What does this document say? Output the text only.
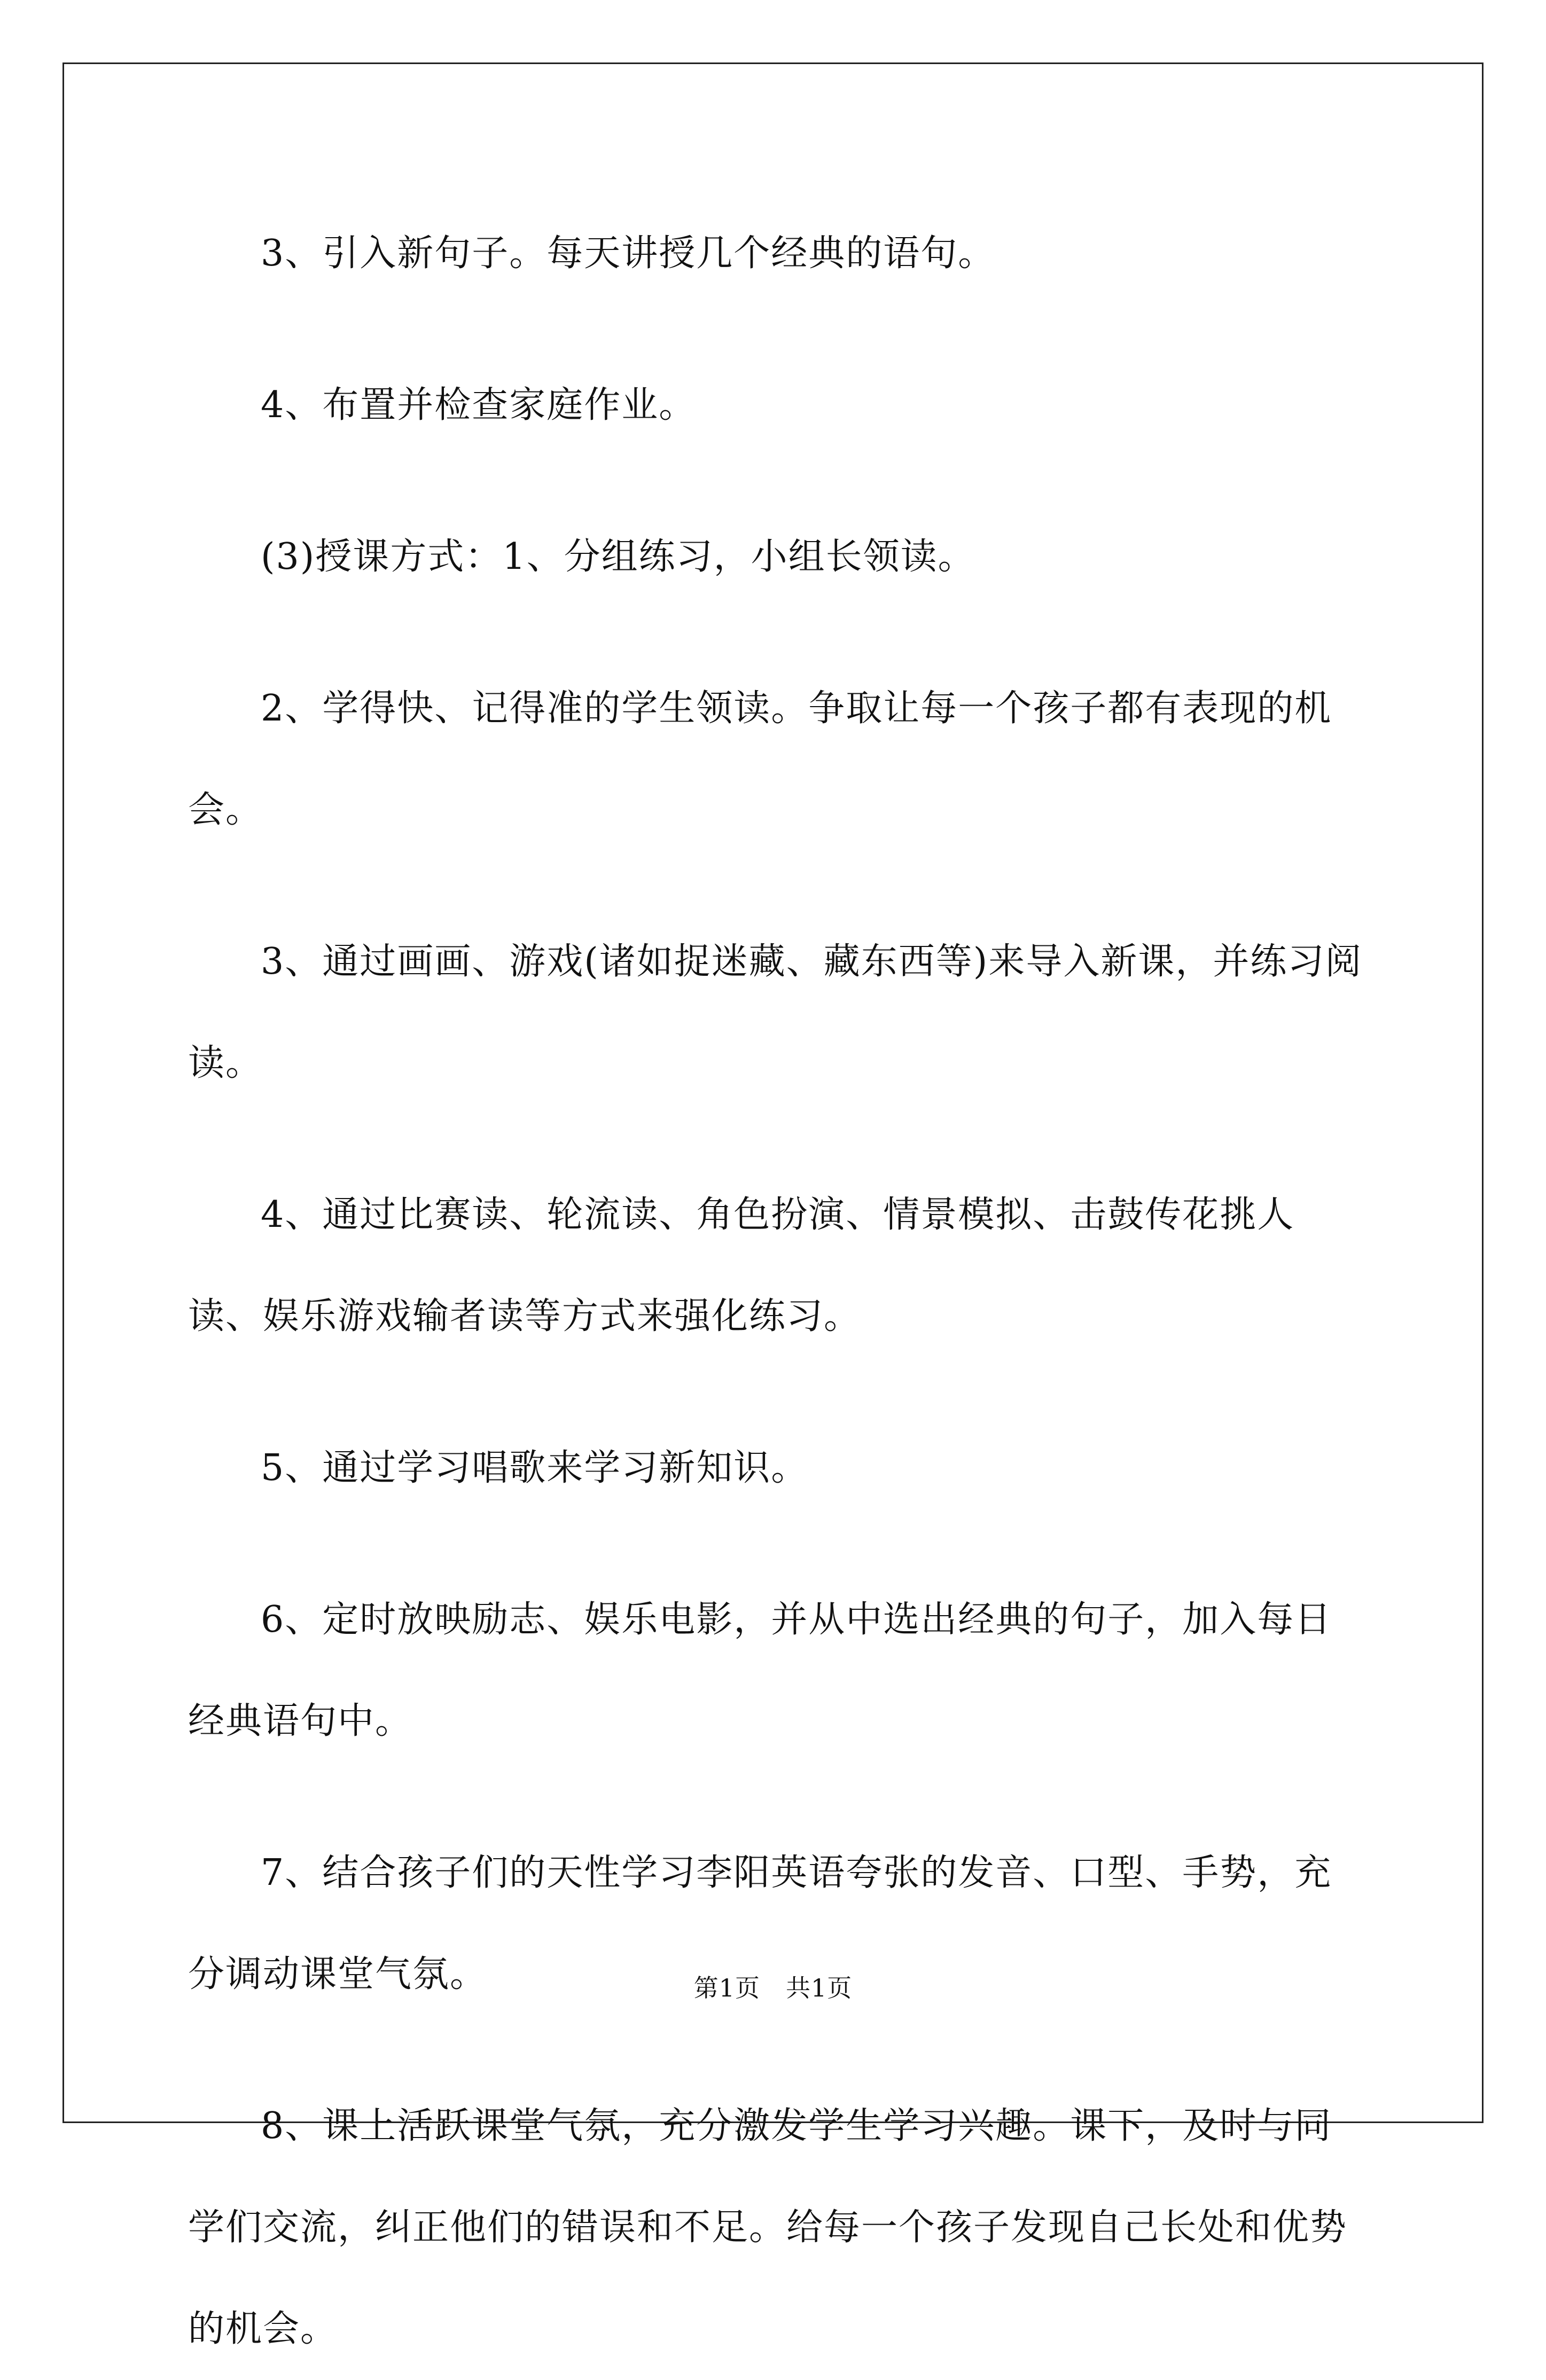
3、引入新句子。每天讲授几个经典的语句。

4、布置并检查家庭作业。

(3)授课方式：1、分组练习，小组长领读。

2、学得快、记得准的学生领读。争取让每一个孩子都有表现的机会。

3、通过画画、游戏(诸如捉迷藏、藏东西等)来导入新课，并练习阅读。

4、通过比赛读、轮流读、角色扮演、情景模拟、击鼓传花挑人读、娱乐游戏输者读等方式来强化练习。

5、通过学习唱歌来学习新知识。

6、定时放映励志、娱乐电影，并从中选出经典的句子，加入每日经典语句中。

7、结合孩子们的天性学习李阳英语夸张的发音、口型、手势，充分调动课堂气氛。

8、课上活跃课堂气氛，充分激发学生学习兴趣。课下，及时与同学们交流，纠正他们的错误和不足。给每一个孩子发现自己长处和优势的机会。

第1页 共1页
